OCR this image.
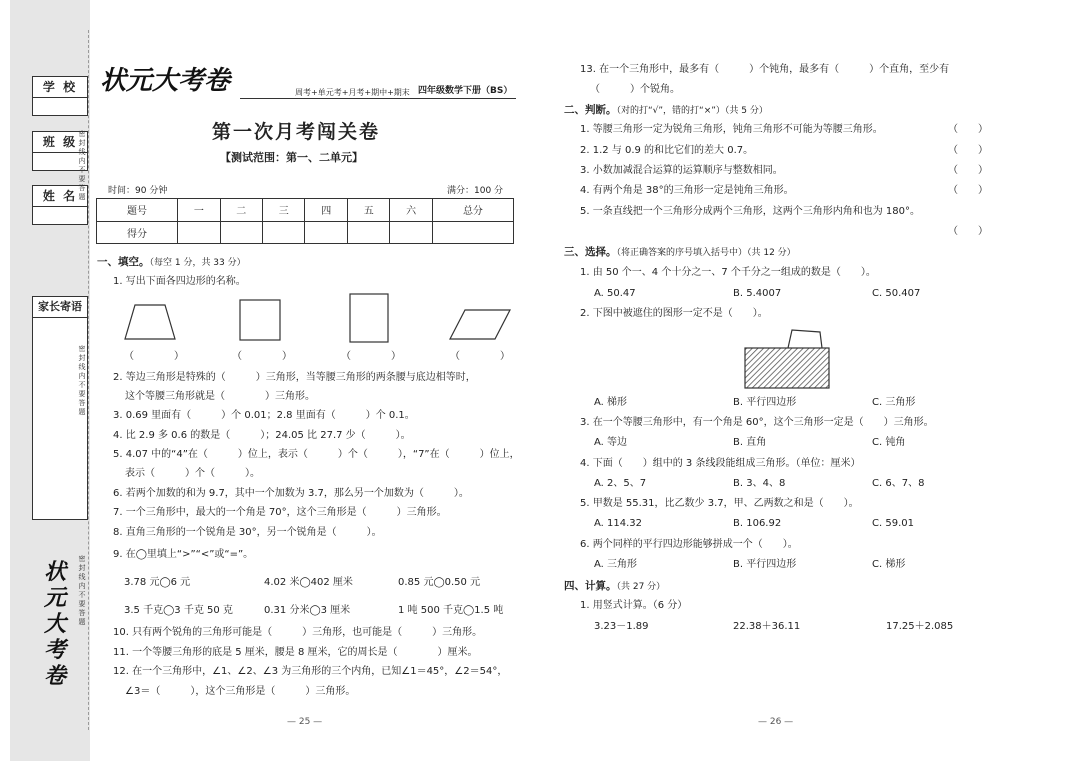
学 校
班 级
姓 名
家长寄语
密封线内不要答题
密封线内不要答题
密封线内不要答题
状元大考卷
状元大考卷	周考+单元考+月考+期中+期末 四年级数学下册（BS）
第一次月考闯关卷
【测试范围：第一、二单元】
时间：90 分钟	满分：100 分
题号	一	二	三	四	五	六	总分
得分							
一、填空。（每空 1 分，共 33 分）
1. 写出下面各四边形的名称。
（　　　　）	（　　　　）	（　　　　）	（　　　　）
2. 等边三角形是特殊的（　　　）三角形，当等腰三角形的两条腰与底边相等时，
这个等腰三角形就是（　　　　）三角形。
3. 0.69 里面有（　　　）个 0.01；2.8 里面有（　　　）个 0.1。
4. 比 2.9 多 0.6 的数是（　　　）；24.05 比 27.7 少（　　　）。
5. 4.07 中的“4”在（　　　）位上，表示（　　　）个（　　　），“7”在（　　　）位上，
表示（　　　）个（　　　）。
6. 若两个加数的和为 9.7，其中一个加数为 3.7，那么另一个加数为（　　　）。
7. 一个三角形中，最大的一个角是 70°，这个三角形是（　　　）三角形。
8. 直角三角形的一个锐角是 30°，另一个锐角是（　　　）。
9. 在◯里填上“>”“<”或“=”。
3.78 元◯6 元	4.02 米◯402 厘米	0.85 元◯0.50 元
3.5 千克◯3 千克 50 克	0.31 分米◯3 厘米	1 吨 500 千克◯1.5 吨
10. 只有两个锐角的三角形可能是（　　　）三角形，也可能是（　　　）三角形。
11. 一个等腰三角形的底是 5 厘米，腰是 8 厘米，它的周长是（　　　　）厘米。
12. 在一个三角形中，∠1、∠2、∠3 为三角形的三个内角，已知∠1＝45°，∠2＝54°，
∠3＝（　　　），这个三角形是（　　　）三角形。
— 25 —
13. 在一个三角形中，最多有（　　　）个钝角，最多有（　　　）个直角，至少有
（　　　）个锐角。
二、判断。（对的打“√”，错的打“×”）（共 5 分）
1. 等腰三角形一定为锐角三角形，钝角三角形不可能为等腰三角形。	（　　）
2. 1.2 与 0.9 的和比它们的差大 0.7。	（　　）
3. 小数加减混合运算的运算顺序与整数相同。	（　　）
4. 有两个角是 38°的三角形一定是钝角三角形。	（　　）
5. 一条直线把一个三角形分成两个三角形，这两个三角形内角和也为 180°。
（　　）
三、选择。（将正确答案的序号填入括号中）（共 12 分）
1. 由 50 个一、4 个十分之一、7 个千分之一组成的数是（　　）。
A. 50.47	B. 5.4007	C. 50.407
2. 下图中被遮住的图形一定不是（　　）。
A. 梯形	B. 平行四边形	C. 三角形
3. 在一个等腰三角形中，有一个角是 60°，这个三角形一定是（　　）三角形。
A. 等边	B. 直角	C. 钝角
4. 下面（　　）组中的 3 条线段能组成三角形。（单位：厘米）
A. 2、5、7	B. 3、4、8	C. 6、7、8
5. 甲数是 55.31，比乙数少 3.7，甲、乙两数之和是（　　）。
A. 114.32	B. 106.92	C. 59.01
6. 两个同样的平行四边形能够拼成一个（　　）。
A. 三角形	B. 平行四边形	C. 梯形
四、计算。（共 27 分）
1. 用竖式计算。（6 分）
3.23－1.89	22.38＋36.11	17.25＋2.085
— 26 —
